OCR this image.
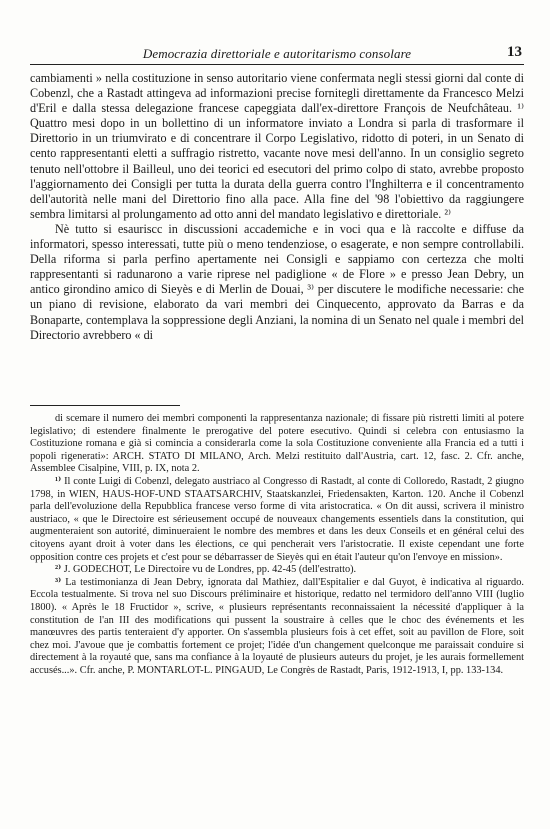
Democrazia direttoriale e autoritarismo consolare	13

cambiamenti » nella costituzione in senso autoritario viene confermata negli stessi giorni dal conte di Cobenzl, che a Rastadt attingeva ad informazioni precise fornitegli direttamente da Francesco Melzi d'Eril e dalla stessa delegazione francese capeggiata dall'ex-direttore François de Neufchâteau. ¹⁾ Quattro mesi dopo in un bollettino di un informatore inviato a Londra si parla di trasformare il Direttorio in un triumvirato e di concentrare il Corpo Legislativo, ridotto di poteri, in un Senato di cento rappresentanti eletti a suffragio ristretto, vacante nove mesi dell'anno. In un consiglio segreto tenuto nell'ottobre il Bailleul, uno dei teorici ed esecutori del primo colpo di stato, avrebbe proposto l'aggiornamento dei Consigli per tutta la durata della guerra contro l'Inghilterra e il concentramento dell'autorità nelle mani del Direttorio fino alla pace. Alla fine del '98 l'obiettivo da raggiungere sembra limitarsi al prolungamento ad otto anni del mandato legislativo e direttoriale. ²⁾

Nè tutto si esauriscc in discussioni accademiche e in voci qua e là raccolte e diffuse da informatori, spesso interessati, tutte più o meno tendenziose, o esagerate, e non sempre controllabili. Della riforma si parla perfino apertamente nei Consigli e sappiamo con certezza che molti rappresentanti si radunarono a varie riprese nel padiglione « de Flore » e presso Jean Debry, un antico girondino amico di Sieyès e di Merlin de Douai, ³⁾ per discutere le modifiche necessarie: che un piano di revisione, elaborato da vari membri dei Cinquecento, approvato da Barras e da Bonaparte, contemplava la soppressione degli Anziani, la nomina di un Senato nel quale i membri del Directorio avrebbero « di

di scemare il numero dei membri componenti la rappresentanza nazionale; di fissare più ristretti limiti al potere legislativo; di estendere finalmente le prerogative del potere esecutivo. Quindi si celebra con entusiasmo la Costituzione romana e già si comincia a considerarla come la sola Costituzione conveniente alla Francia ed a tutti i popoli rigenerati»: ARCH. STATO DI MILANO, Arch. Melzi restituito dall'Austria, cart. 12, fasc. 2. Cfr. anche, Assemblee Cisalpine, VIII, p. IX, nota 2.

¹⁾ Il conte Luigi di Cobenzl, delegato austriaco al Congresso di Rastadt, al conte di Colloredo, Rastadt, 2 giugno 1798, in WIEN, HAUS-HOF-UND STAATSARCHIV, Staatskanzlei, Friedensakten, Karton. 120. Anche il Cobenzl parla dell'evoluzione della Repubblica francese verso forme di vita aristocratica. « On dit aussi, scrivera il ministro austriaco, « que le Directoire est sérieusement occupé de nouveaux changements essentiels dans la constitution, qui augmenteraient son autorité, diminueraient le nombre des membres et dans les deux Conseils et en général celui des citoyens ayant droit à voter dans les élections, ce qui pencherait vers l'aristocratie. Il existe cependant une forte opposition contre ces projets et c'est pour se débarrasser de Sieyès qui en était l'auteur qu'on l'envoye en mission».

²⁾ J. GODECHOT, Le Directoire vu de Londres, pp. 42-45 (dell'estratto).

³⁾ La testimonianza di Jean Debry, ignorata dal Mathiez, dall'Espitalier e dal Guyot, è indicativa al riguardo. Eccola testualmente. Si trova nel suo Discours préliminaire et historique, redatto nel termidoro dell'anno VIII (luglio 1800). « Après le 18 Fructidor », scrive, « plusieurs représentants reconnaissaient la nécessité d'appliquer à la constitution de l'an III des modifications qui pussent la soustraire à celles que le choc des événements et les manœuvres des partis tenteraient d'y apporter. On s'assembla plusieurs fois à cet effet, soit au pavillon de Flore, soit chez moi. J'avoue que je combattis fortement ce projet; l'idée d'un changement quelconque me paraissait conduire si directement à la royauté que, sans ma confiance à la loyauté de plusieurs auteurs du projet, je les aurais formellement accusés...». Cfr. anche, P. MONTARLOT-L. PINGAUD, Le Congrès de Rastadt, Paris, 1912-1913, I, pp. 133-134.
